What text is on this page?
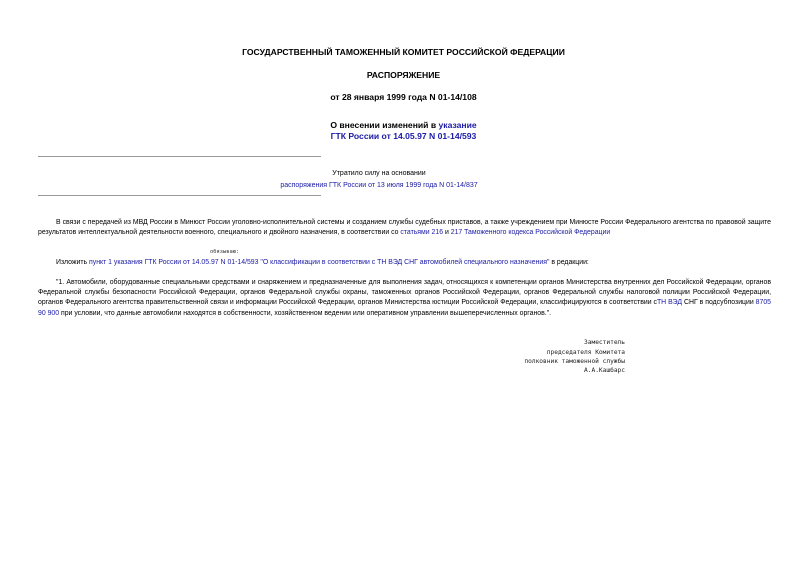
ГОСУДАРСТВЕННЫЙ ТАМОЖЕННЫЙ КОМИТЕТ РОССИЙСКОЙ ФЕДЕРАЦИИ
РАСПОРЯЖЕНИЕ
от 28 января 1999 года N 01-14/108
О внесении изменений в указание
ГТК России от 14.05.97 N 01-14/593
Утратило силу на основании
распоряжения ГТК России от 13 июля 1999 года N 01-14/837
В связи с передачей из МВД России в Минюст России уголовно-исполнительной системы и созданием службы судебных приставов, а также учреждением при Минюсте России Федерального агентства по правовой защите результатов интеллектуальной деятельности военного, специального и двойного назначения, в соответствии со статьями 216 и 217 Таможенного кодекса Российской Федерации
обязываю:
Изложить пункт 1 указания ГТК России от 14.05.97 N 01-14/593 "О классификации в соответствии с ТН ВЭД СНГ автомобилей специального назначения" в редакции:
"1. Автомобили, оборудованные специальными средствами и снаряжением и предназначенные для выполнения задач, относящихся к компетенции органов Министерства внутренних дел Российской Федерации, органов Федеральной службы безопасности Российской Федерации, органов Федеральной службы охраны, таможенных органов Российской Федерации, органов Федеральной службы налоговой полиции Российской Федерации, органов Федерального агентства правительственной связи и информации Российской Федерации, органов Министерства юстиции Российской Федерации, классифицируются в соответствии сТН ВЭД СНГ в подсубпозиции 8705 90 900 при условии, что данные автомобили находятся в собственности, хозяйственном ведении или оперативном управлении вышеперечисленных органов.".
Заместитель
председателя Комитета
полковник таможенной службы
А.А.Кашбарс
